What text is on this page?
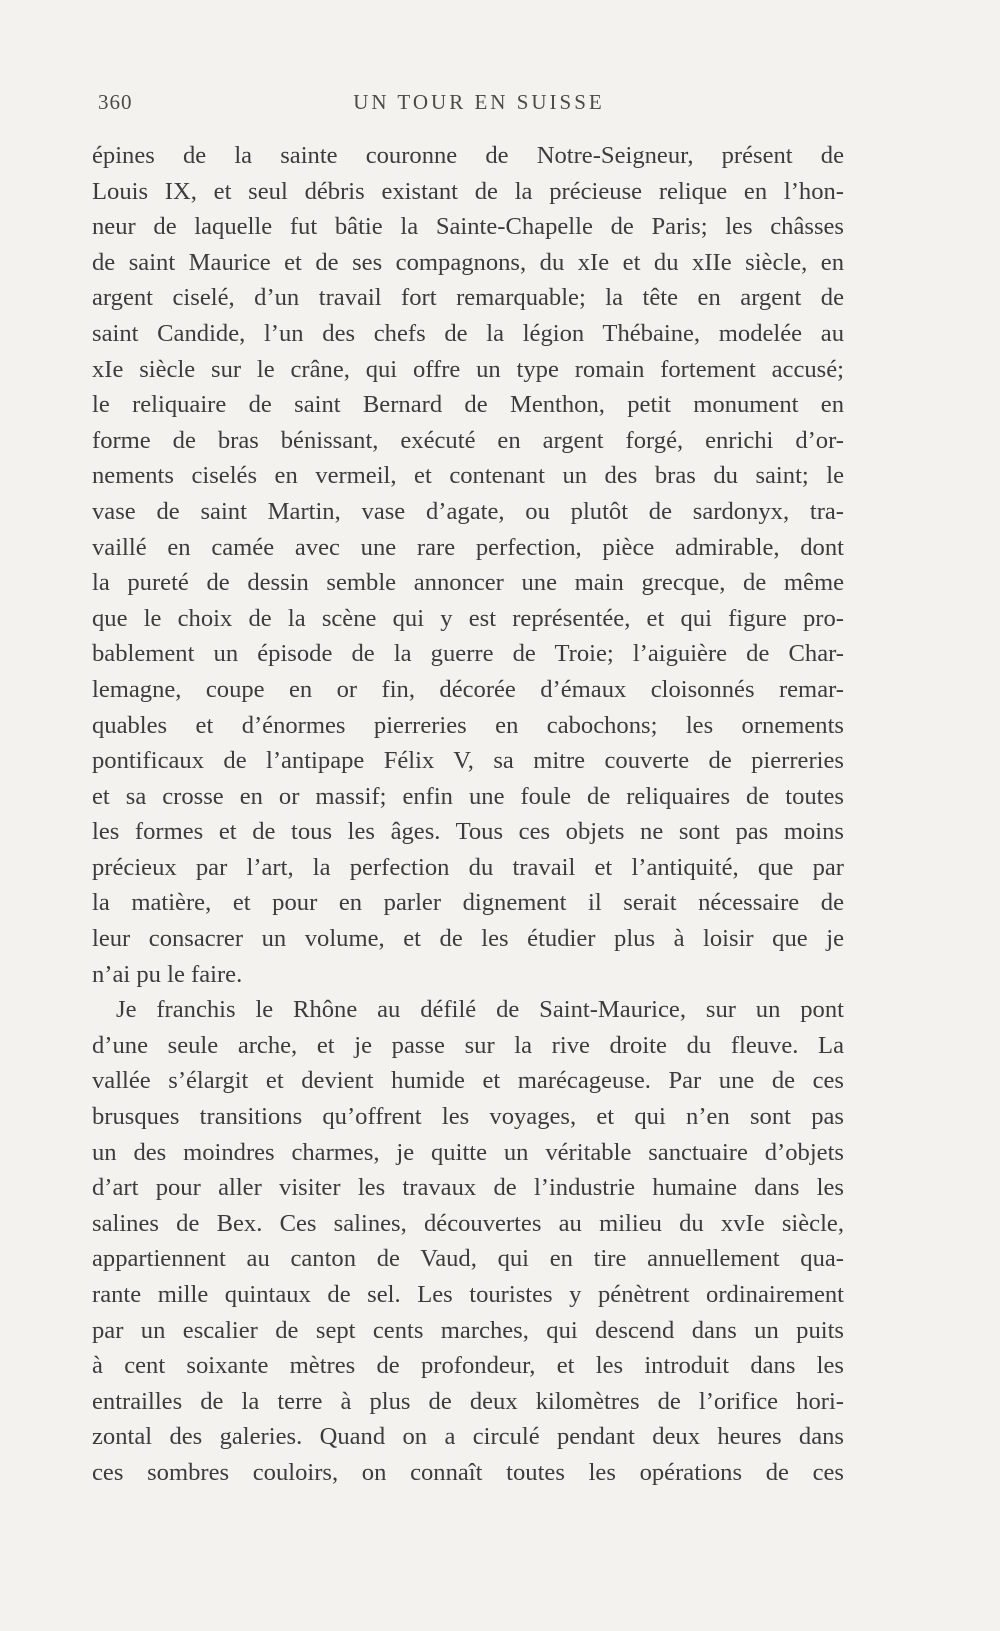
360	UN TOUR EN SUISSE
épines de la sainte couronne de Notre-Seigneur, présent de
Louis IX, et seul débris existant de la précieuse relique en l’hon-
neur de laquelle fut bâtie la Sainte-Chapelle de Paris; les châsses
de saint Maurice et de ses compagnons, du xIe et du xIIe siècle, en
argent ciselé, d’un travail fort remarquable; la tête en argent de
saint Candide, l’un des chefs de la légion Thébaine, modelée au
xIe siècle sur le crâne, qui offre un type romain fortement accusé;
le reliquaire de saint Bernard de Menthon, petit monument en
forme de bras bénissant, exécuté en argent forgé, enrichi d’or-
nements ciselés en vermeil, et contenant un des bras du saint; le
vase de saint Martin, vase d’agate, ou plutôt de sardonyx, tra-
vaillé en camée avec une rare perfection, pièce admirable, dont
la pureté de dessin semble annoncer une main grecque, de même
que le choix de la scène qui y est représentée, et qui figure pro-
bablement un épisode de la guerre de Troie; l’aiguière de Char-
lemagne, coupe en or fin, décorée d’émaux cloisonnés remar-
quables et d’énormes pierreries en cabochons; les ornements
pontificaux de l’antipape Félix V, sa mitre couverte de pierreries
et sa crosse en or massif; enfin une foule de reliquaires de toutes
les formes et de tous les âges. Tous ces objets ne sont pas moins
précieux par l’art, la perfection du travail et l’antiquité, que par
la matière, et pour en parler dignement il serait nécessaire de
leur consacrer un volume, et de les étudier plus à loisir que je
n’ai pu le faire.
Je franchis le Rhône au défilé de Saint-Maurice, sur un pont
d’une seule arche, et je passe sur la rive droite du fleuve. La
vallée s’élargit et devient humide et marécageuse. Par une de ces
brusques transitions qu’offrent les voyages, et qui n’en sont pas
un des moindres charmes, je quitte un véritable sanctuaire d’objets
d’art pour aller visiter les travaux de l’industrie humaine dans les
salines de Bex. Ces salines, découvertes au milieu du xvIe siècle,
appartiennent au canton de Vaud, qui en tire annuellement qua-
rante mille quintaux de sel. Les touristes y pénètrent ordinairement
par un escalier de sept cents marches, qui descend dans un puits
à cent soixante mètres de profondeur, et les introduit dans les
entrailles de la terre à plus de deux kilomètres de l’orifice hori-
zontal des galeries. Quand on a circulé pendant deux heures dans
ces sombres couloirs, on connaît toutes les opérations de ces
